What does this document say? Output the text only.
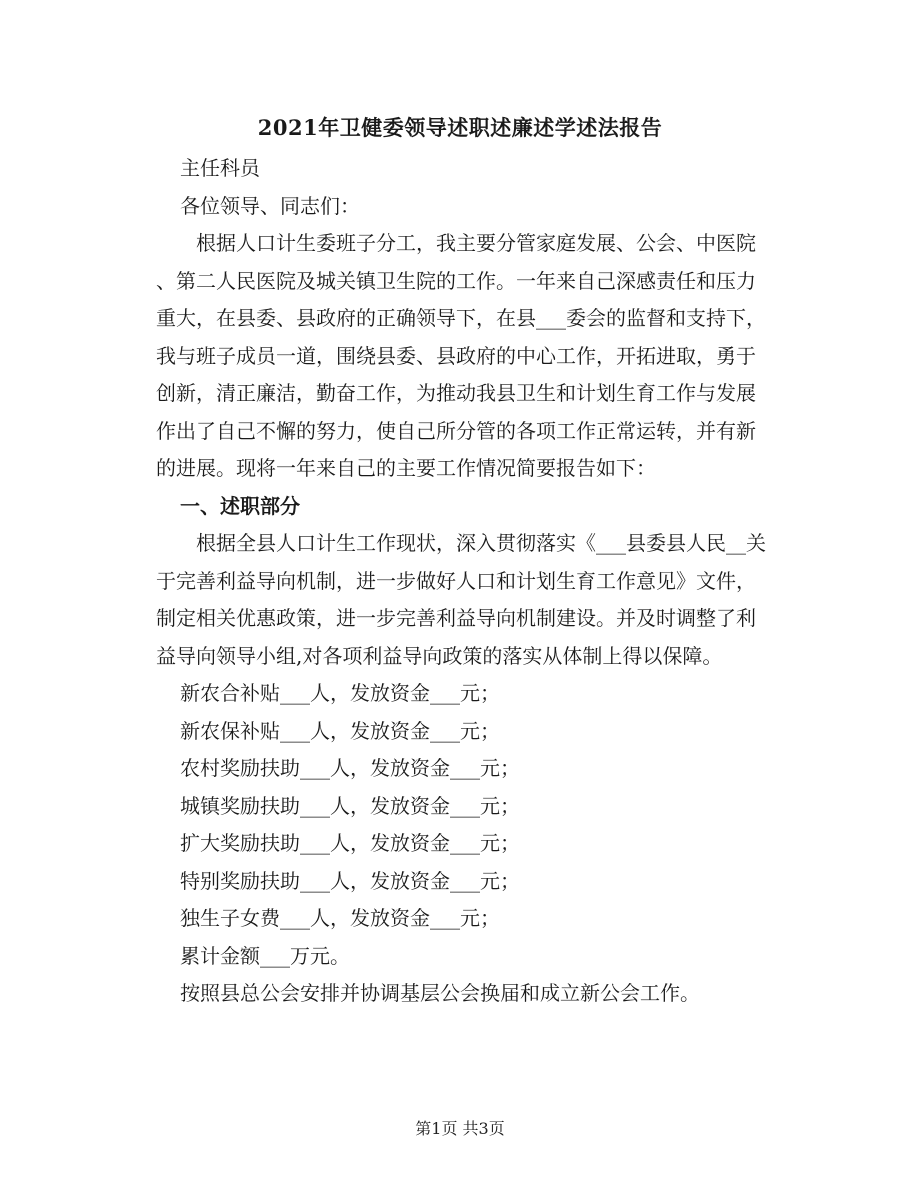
2021年卫健委领导述职述廉述学述法报告

主任科员

各位领导、同志们：

　　根据人口计生委班子分工，我主要分管家庭发展、公会、中医院
、第二人民医院及城关镇卫生院的工作。一年来自己深感责任和压力
重大，在县委、县政府的正确领导下，在县___委会的监督和支持下，
我与班子成员一道，围绕县委、县政府的中心工作，开拓进取，勇于
创新，清正廉洁，勤奋工作，为推动我县卫生和计划生育工作与发展
作出了自己不懈的努力，使自己所分管的各项工作正常运转，并有新
的进展。现将一年来自己的主要工作情况简要报告如下：

一、述职部分

　　根据全县人口计生工作现状，深入贯彻落实《___县委县人民__关
于完善利益导向机制，进一步做好人口和计划生育工作意见》文件，
制定相关优惠政策，进一步完善利益导向机制建设。并及时调整了利
益导向领导小组,对各项利益导向政策的落实从体制上得以保障。

新农合补贴___人，发放资金___元；
新农保补贴___人，发放资金___元；
农村奖励扶助___人，发放资金___元；
城镇奖励扶助___人，发放资金___元；
扩大奖励扶助___人，发放资金___元；
特别奖励扶助___人，发放资金___元；
独生子女费___人，发放资金___元；
累计金额___万元。
按照县总公会安排并协调基层公会换届和成立新公会工作。

第1页 共3页
